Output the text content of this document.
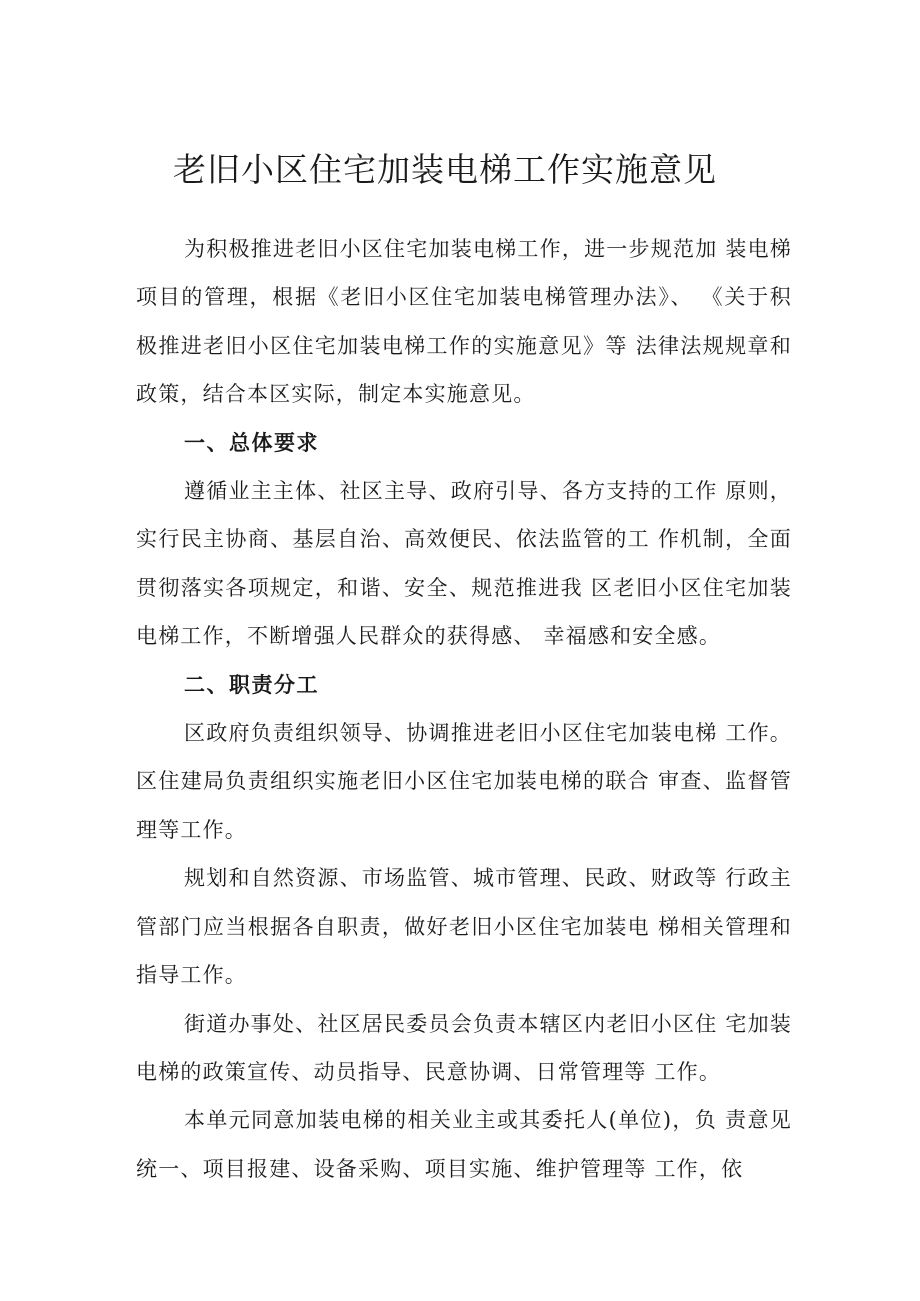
老旧小区住宅加装电梯工作实施意见

为积极推进老旧小区住宅加装电梯工作，进一步规范加 装电梯项目的管理，根据《老旧小区住宅加装电梯管理办法》、 《关于积极推进老旧小区住宅加装电梯工作的实施意见》等 法律法规规章和政策，结合本区实际，制定本实施意见。

一、总体要求

遵循业主主体、社区主导、政府引导、各方支持的工作 原则，实行民主协商、基层自治、高效便民、依法监管的工 作机制，全面贯彻落实各项规定，和谐、安全、规范推进我 区老旧小区住宅加装电梯工作，不断增强人民群众的获得感、 幸福感和安全感。

二、职责分工

区政府负责组织领导、协调推进老旧小区住宅加装电梯 工作。区住建局负责组织实施老旧小区住宅加装电梯的联合 审查、监督管理等工作。

规划和自然资源、市场监管、城市管理、民政、财政等 行政主管部门应当根据各自职责，做好老旧小区住宅加装电 梯相关管理和指导工作。

街道办事处、社区居民委员会负责本辖区内老旧小区住 宅加装电梯的政策宣传、动员指导、民意协调、日常管理等 工作。

本单元同意加装电梯的相关业主或其委托人(单位)，负 责意见统一、项目报建、设备采购、项目实施、维护管理等 工作，依
